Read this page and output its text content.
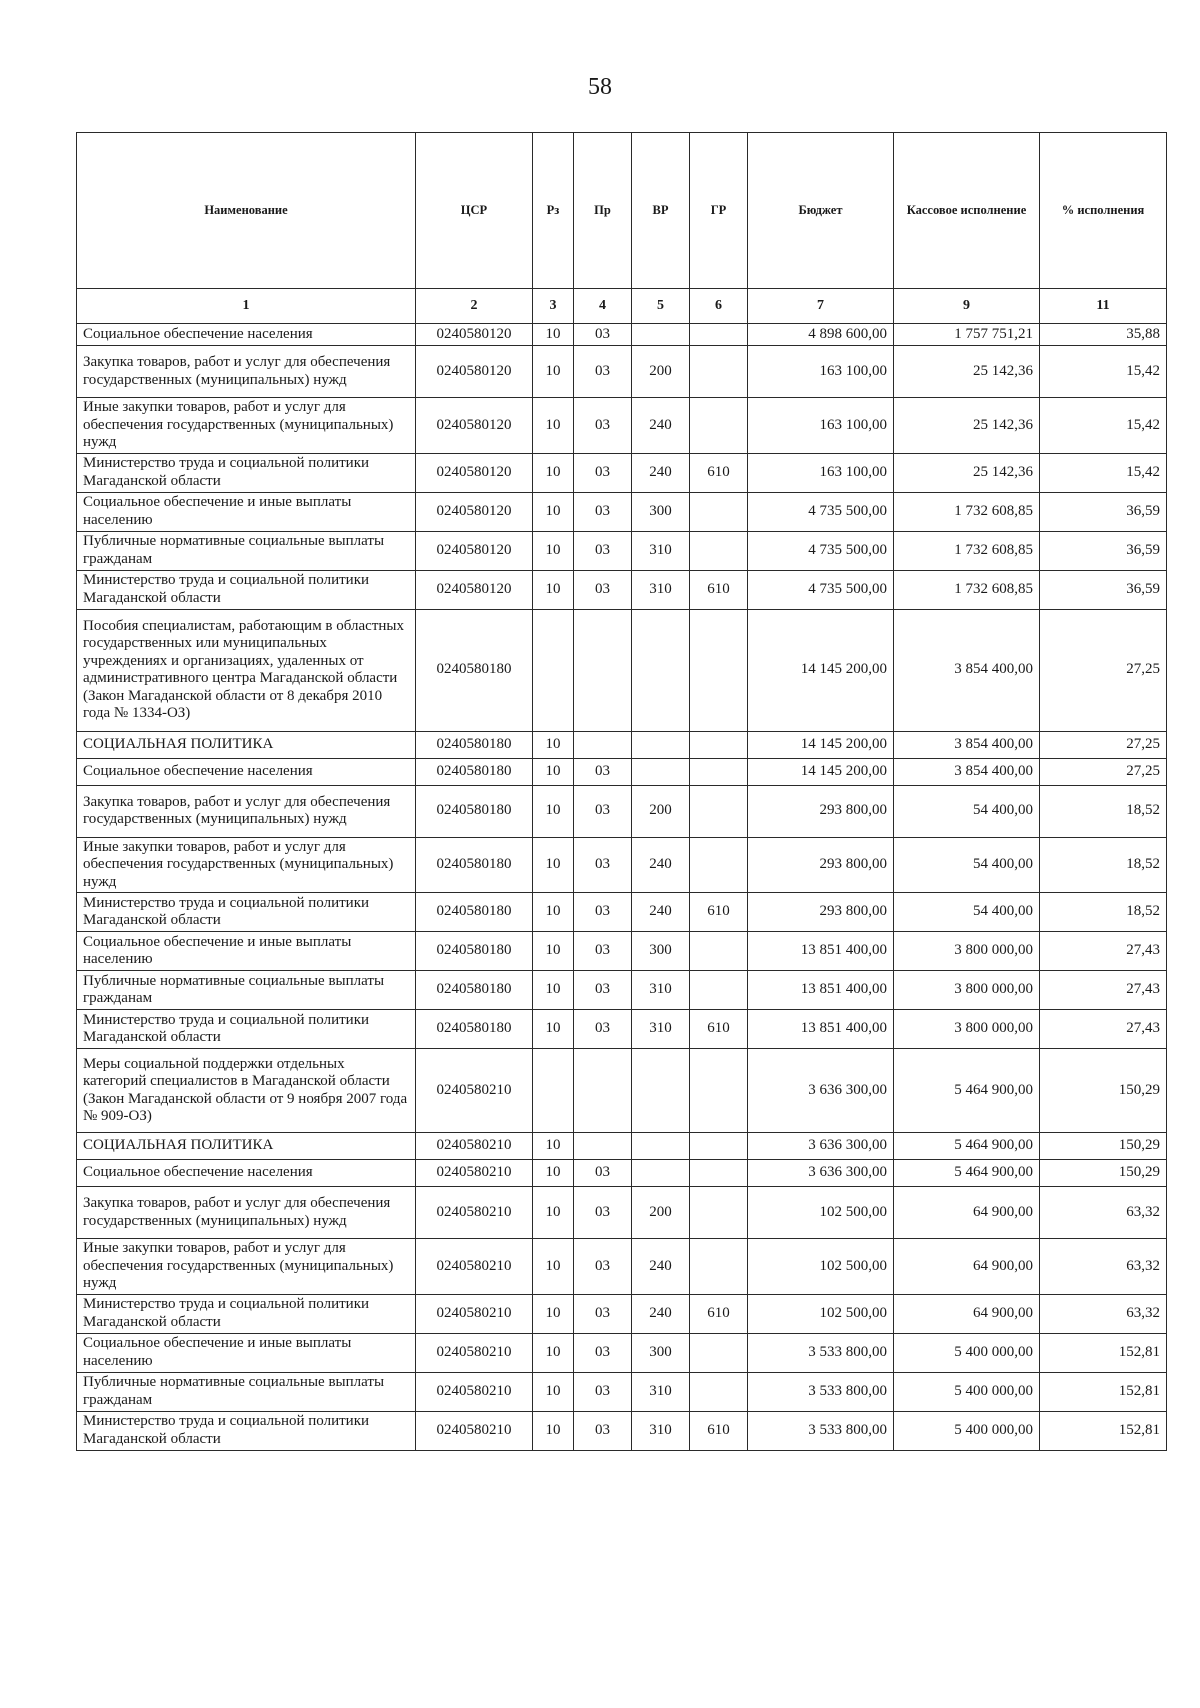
58
Наименование	ЦСР	Рз	Пр	ВР	ГР	Бюджет	Кассовое исполнение	% исполнения
1	2	3	4	5	6	7	9	11
Социальное обеспечение населения	0240580120	10	03			4 898 600,00	1 757 751,21	35,88
Закупка товаров, работ и услуг для обеспечения государственных (муниципальных) нужд	0240580120	10	03	200		163 100,00	25 142,36	15,42
Иные закупки товаров, работ и услуг для обеспечения государственных (муниципальных) нужд	0240580120	10	03	240		163 100,00	25 142,36	15,42
Министерство труда и социальной политики Магаданской области	0240580120	10	03	240	610	163 100,00	25 142,36	15,42
Социальное обеспечение и иные выплаты населению	0240580120	10	03	300		4 735 500,00	1 732 608,85	36,59
Публичные нормативные социальные выплаты гражданам	0240580120	10	03	310		4 735 500,00	1 732 608,85	36,59
Министерство труда и социальной политики Магаданской области	0240580120	10	03	310	610	4 735 500,00	1 732 608,85	36,59
Пособия специалистам, работающим в областных государственных или муниципальных учреждениях и организациях, удаленных от административного центра Магаданской области (Закон Магаданской области от 8 декабря 2010 года № 1334-ОЗ)	0240580180					14 145 200,00	3 854 400,00	27,25
СОЦИАЛЬНАЯ ПОЛИТИКА	0240580180	10				14 145 200,00	3 854 400,00	27,25
Социальное обеспечение населения	0240580180	10	03			14 145 200,00	3 854 400,00	27,25
Закупка товаров, работ и услуг для обеспечения государственных (муниципальных) нужд	0240580180	10	03	200		293 800,00	54 400,00	18,52
Иные закупки товаров, работ и услуг для обеспечения государственных (муниципальных) нужд	0240580180	10	03	240		293 800,00	54 400,00	18,52
Министерство труда и социальной политики Магаданской области	0240580180	10	03	240	610	293 800,00	54 400,00	18,52
Социальное обеспечение и иные выплаты населению	0240580180	10	03	300		13 851 400,00	3 800 000,00	27,43
Публичные нормативные социальные выплаты гражданам	0240580180	10	03	310		13 851 400,00	3 800 000,00	27,43
Министерство труда и социальной политики Магаданской области	0240580180	10	03	310	610	13 851 400,00	3 800 000,00	27,43
Меры социальной поддержки отдельных категорий специалистов в Магаданской области (Закон Магаданской области от 9 ноября 2007 года № 909-ОЗ)	0240580210					3 636 300,00	5 464 900,00	150,29
СОЦИАЛЬНАЯ ПОЛИТИКА	0240580210	10				3 636 300,00	5 464 900,00	150,29
Социальное обеспечение населения	0240580210	10	03			3 636 300,00	5 464 900,00	150,29
Закупка товаров, работ и услуг для обеспечения государственных (муниципальных) нужд	0240580210	10	03	200		102 500,00	64 900,00	63,32
Иные закупки товаров, работ и услуг для обеспечения государственных (муниципальных) нужд	0240580210	10	03	240		102 500,00	64 900,00	63,32
Министерство труда и социальной политики Магаданской области	0240580210	10	03	240	610	102 500,00	64 900,00	63,32
Социальное обеспечение и иные выплаты населению	0240580210	10	03	300		3 533 800,00	5 400 000,00	152,81
Публичные нормативные социальные выплаты гражданам	0240580210	10	03	310		3 533 800,00	5 400 000,00	152,81
Министерство труда и социальной политики Магаданской области	0240580210	10	03	310	610	3 533 800,00	5 400 000,00	152,81
